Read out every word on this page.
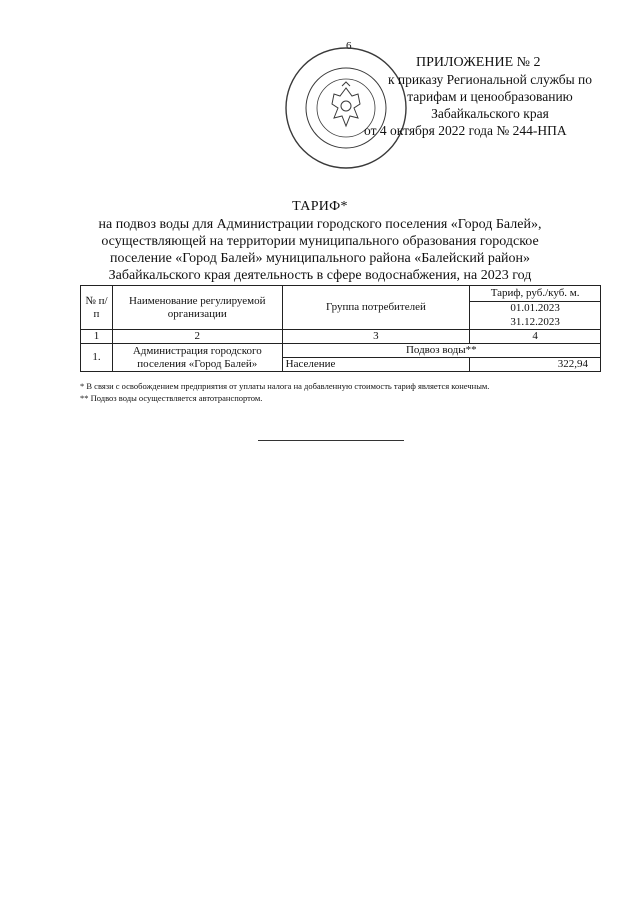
6
ПРИЛОЖЕНИЕ № 2
к приказу Региональной службы по
тарифам и ценообразованию
Забайкальского края
от 4 октября 2022 года № 244-НПА
ТАРИФ*
на подвоз воды для Администрации городского поселения «Город Балей»,
осуществляющей на территории муниципального образования городское
поселение «Город Балей» муниципального района «Балейский район»
Забайкальского края деятельность в сфере водоснабжения, на 2023 год
№ п/п	Наименование регулируемой организации	Группа потребителей	Тариф, руб./куб. м.
			01.01.2023
			31.12.2023
1	2	3	4
1.	Администрация городского поселения «Город Балей»	Подвоз воды**	
		Население	322,94
* В связи с освобождением предприятия от уплаты налога на добавленную стоимость тариф является конечным.
** Подвоз воды осуществляется автотранспортом.
